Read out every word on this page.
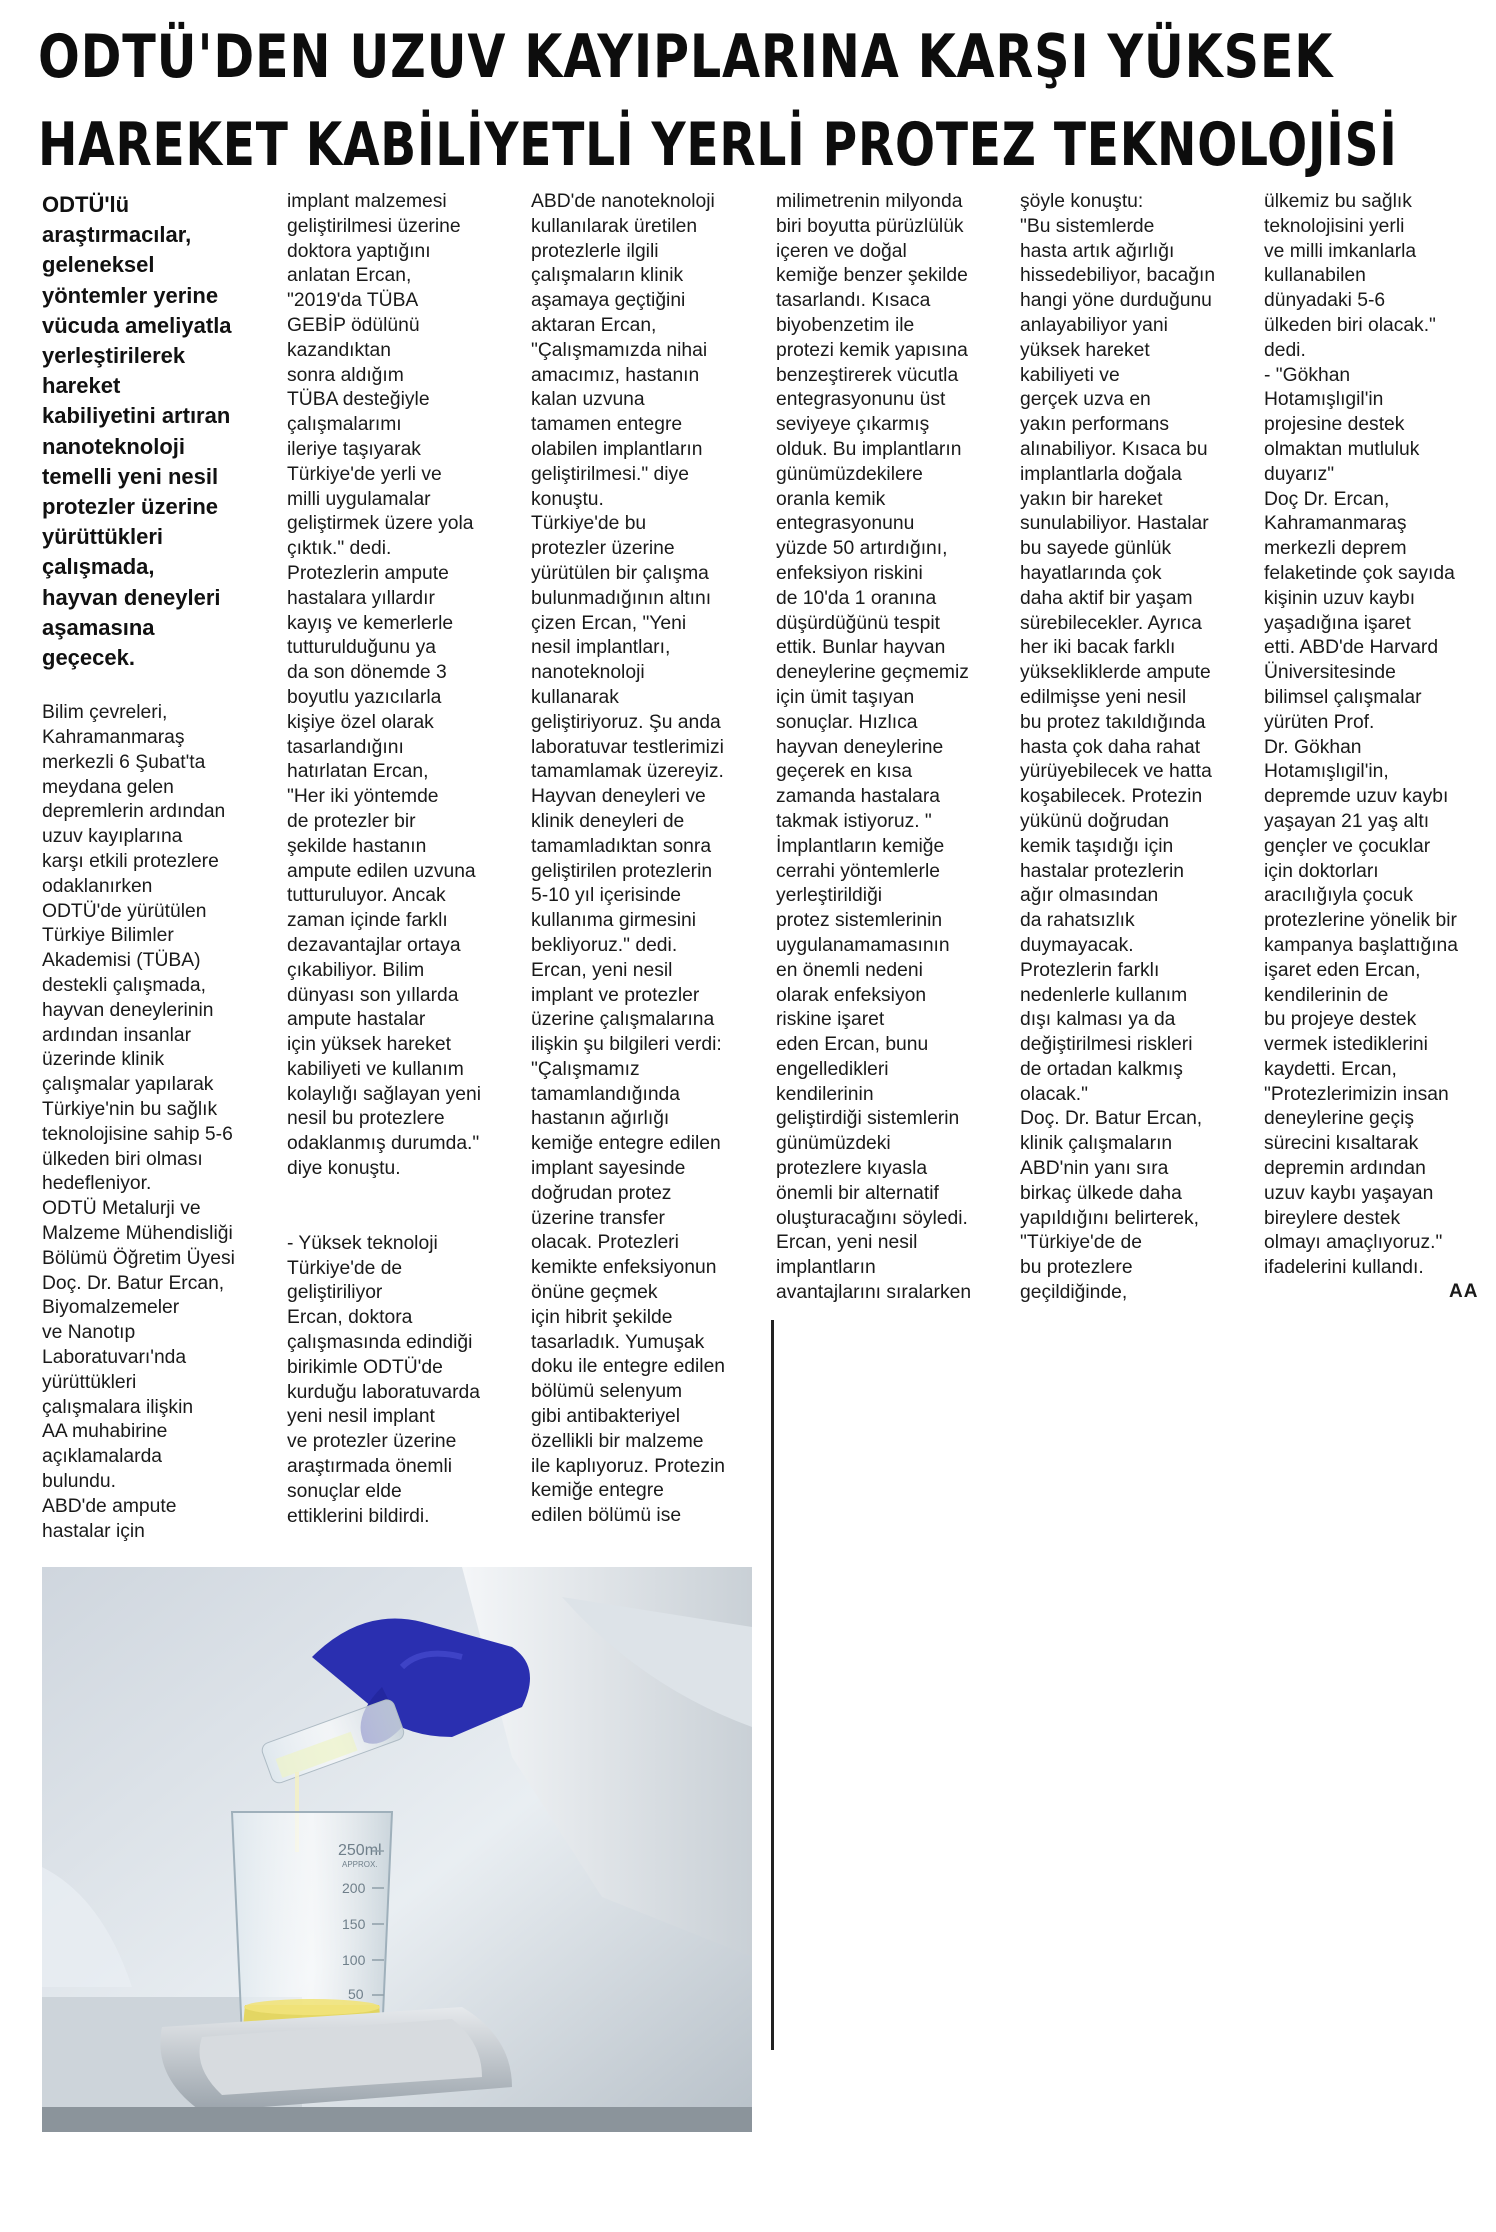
ODTÜ'DEN UZUV KAYIPLARINA KARŞI YÜKSEK
HAREKET KABİLİYETLİ YERLİ PROTEZ TEKNOLOJİSİ

ODTÜ'lü
araştırmacılar,
geleneksel
yöntemler yerine
vücuda ameliyatla
yerleştirilerek
hareket
kabiliyetini artıran
nanoteknoloji
temelli yeni nesil
protezler üzerine
yürüttükleri
çalışmada,
hayvan deneyleri
aşamasına
geçecek.

Bilim çevreleri,
Kahramanmaraş
merkezli 6 Şubat'ta
meydana gelen
depremlerin ardından
uzuv kayıplarına
karşı etkili protezlere
odaklanırken
ODTÜ'de yürütülen
Türkiye Bilimler
Akademisi (TÜBA)
destekli çalışmada,
hayvan deneylerinin
ardından insanlar
üzerinde klinik
çalışmalar yapılarak
Türkiye'nin bu sağlık
teknolojisine sahip 5-6
ülkeden biri olması
hedefleniyor.

ODTÜ Metalurji ve
Malzeme Mühendisliği
Bölümü Öğretim Üyesi
Doç. Dr. Batur Ercan,
Biyomalzemeler
ve Nanotıp
Laboratuvarı'nda
yürüttükleri
çalışmalara ilişkin
AA muhabirine
açıklamalarda
bulundu.

ABD'de ampute
hastalar için

implant malzemesi
geliştirilmesi üzerine
doktora yaptığını
anlatan Ercan,
"2019'da TÜBA
GEBİP ödülünü
kazandıktan
sonra aldığım
TÜBA desteğiyle
çalışmalarımı
ileriye taşıyarak
Türkiye'de yerli ve
milli uygulamalar
geliştirmek üzere yola
çıktık." dedi.

Protezlerin ampute
hastalara yıllardır
kayış ve kemerlerle
tutturulduğunu ya
da son dönemde 3
boyutlu yazıcılarla
kişiye özel olarak
tasarlandığını
hatırlatan Ercan,
"Her iki yöntemde
de protezler bir
şekilde hastanın
ampute edilen uzvuna
tutturuluyor. Ancak
zaman içinde farklı
dezavantajlar ortaya
çıkabiliyor. Bilim
dünyası son yıllarda
ampute hastalar
için yüksek hareket
kabiliyeti ve kullanım
kolaylığı sağlayan yeni
nesil bu protezlere
odaklanmış durumda."
diye konuştu.

- Yüksek teknoloji
Türkiye'de de
geliştiriliyor
Ercan, doktora
çalışmasında edindiği
birikimle ODTÜ'de
kurduğu laboratuvarda
yeni nesil implant
ve protezler üzerine
araştırmada önemli
sonuçlar elde
ettiklerini bildirdi.

ABD'de nanoteknoloji
kullanılarak üretilen
protezlerle ilgili
çalışmaların klinik
aşamaya geçtiğini
aktaran Ercan,
"Çalışmamızda nihai
amacımız, hastanın
kalan uzvuna
tamamen entegre
olabilen implantların
geliştirilmesi." diye
konuştu.

Türkiye'de bu
protezler üzerine
yürütülen bir çalışma
bulunmadığının altını
çizen Ercan, "Yeni
nesil implantları,
nanoteknoloji
kullanarak
geliştiriyoruz. Şu anda
laboratuvar testlerimizi
tamamlamak üzereyiz.
Hayvan deneyleri ve
klinik deneyleri de
tamamladıktan sonra
geliştirilen protezlerin
5-10 yıl içerisinde
kullanıma girmesini
bekliyoruz." dedi.

Ercan, yeni nesil
implant ve protezler
üzerine çalışmalarına
ilişkin şu bilgileri verdi:
"Çalışmamız
tamamlandığında
hastanın ağırlığı
kemiğe entegre edilen
implant sayesinde
doğrudan protez
üzerine transfer
olacak. Protezleri
kemikte enfeksiyonun
önüne geçmek
için hibrit şekilde
tasarladık. Yumuşak
doku ile entegre edilen
bölümü selenyum
gibi antibakteriyel
özellikli bir malzeme
ile kaplıyoruz. Protezin
kemiğe entegre
edilen bölümü ise

milimetrenin milyonda
biri boyutta pürüzlülük
içeren ve doğal
kemiğe benzer şekilde
tasarlandı. Kısaca
biyobenzetim ile
protezi kemik yapısına
benzeştirerek vücutla
entegrasyonunu üst
seviyeye çıkarmış
olduk. Bu implantların
günümüzdekilere
oranla kemik
entegrasyonunu
yüzde 50 artırdığını,
enfeksiyon riskini
de 10'da 1 oranına
düşürdüğünü tespit
ettik. Bunlar hayvan
deneylerine geçmemiz
için ümit taşıyan
sonuçlar. Hızlıca
hayvan deneylerine
geçerek en kısa
zamanda hastalara
takmak istiyoruz. "

İmplantların kemiğe
cerrahi yöntemlerle
yerleştirildiği
protez sistemlerinin
uygulanamamasının
en önemli nedeni
olarak enfeksiyon
riskine işaret
eden Ercan, bunu
engelledikleri
kendilerinin
geliştirdiği sistemlerin
günümüzdeki
protezlere kıyasla
önemli bir alternatif
oluşturacağını söyledi.

Ercan, yeni nesil
implantların
avantajlarını sıralarken

şöyle konuştu:
"Bu sistemlerde
hasta artık ağırlığı
hissedebiliyor, bacağın
hangi yöne durduğunu
anlayabiliyor yani
yüksek hareket
kabiliyeti ve
gerçek uzva en
yakın performans
alınabiliyor. Kısaca bu
implantlarla doğala
yakın bir hareket
sunulabiliyor. Hastalar
bu sayede günlük
hayatlarında çok
daha aktif bir yaşam
sürebilecekler. Ayrıca
her iki bacak farklı
yüksekliklerde ampute
edilmişse yeni nesil
bu protez takıldığında
hasta çok daha rahat
yürüyebilecek ve hatta
koşabilecek. Protezin
yükünü doğrudan
kemik taşıdığı için
hastalar protezlerin
ağır olmasından
da rahatsızlık
duymayacak.
Protezlerin farklı
nedenlerle kullanım
dışı kalması ya da
değiştirilmesi riskleri
de ortadan kalkmış
olacak."

Doç. Dr. Batur Ercan,
klinik çalışmaların
ABD'nin yanı sıra
birkaç ülkede daha
yapıldığını belirterek,
"Türkiye'de de
bu protezlere
geçildiğinde,

ülkemiz bu sağlık
teknolojisini yerli
ve milli imkanlarla
kullanabilen
dünyadaki 5-6
ülkeden biri olacak."
dedi.

- "Gökhan
Hotamışlıgil'in
projesine destek
olmaktan mutluluk
duyarız"
Doç Dr. Ercan,
Kahramanmaraş
merkezli deprem
felaketinde çok sayıda
kişinin uzuv kaybı
yaşadığına işaret
etti. ABD'de Harvard
Üniversitesinde
bilimsel çalışmalar
yürüten Prof.
Dr. Gökhan
Hotamışlıgil'in,
depremde uzuv kaybı
yaşayan 21 yaş altı
gençler ve çocuklar
için doktorları
aracılığıyla çocuk
protezlerine yönelik bir
kampanya başlattığına
işaret eden Ercan,
kendilerinin de
bu projeye destek
vermek istediklerini
kaydetti. Ercan,
"Protezlerimizin insan
deneylerine geçiş
sürecini kısaltarak
depremin ardından
uzuv kaybı yaşayan
bireylere destek
olmayı amaçlıyoruz."
ifadelerini kullandı.

AA
250ml
APPROX.
200
150
100
50
